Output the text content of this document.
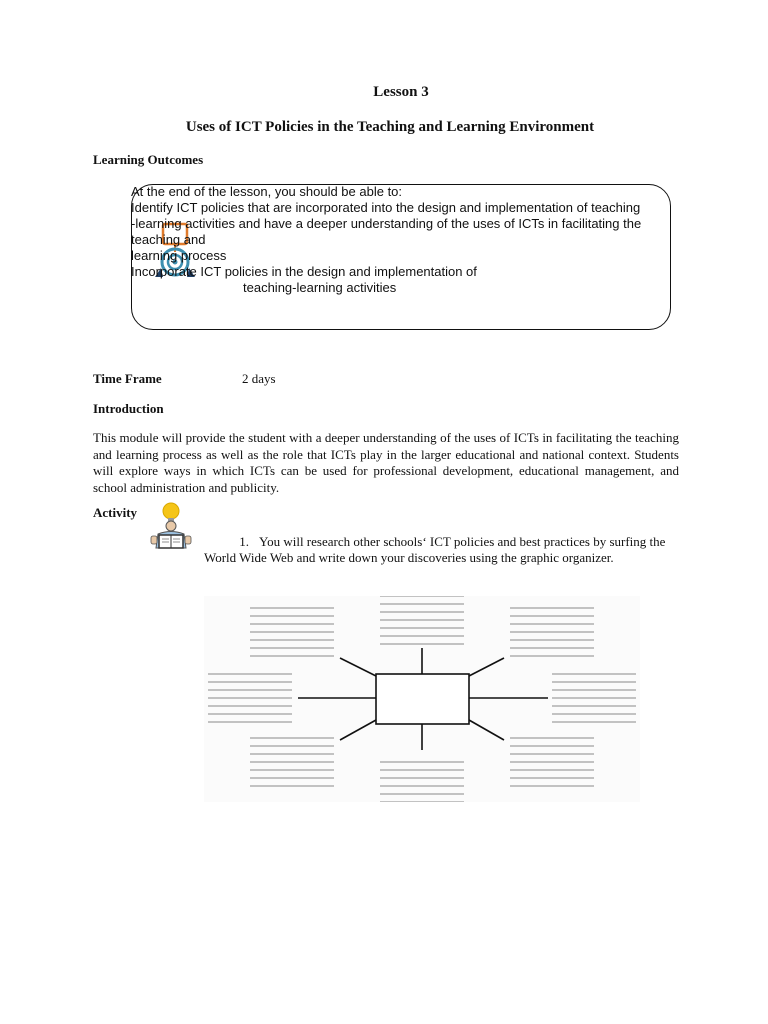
Lesson 3
Uses of ICT Policies in the Teaching and Learning Environment
Learning Outcomes
At the end of the lesson, you should be able to:
Identify ICT policies that are incorporated into the design and implementation of teaching
-learning activities and have a deeper understanding of the uses of ICTs in facilitating the
teaching and
learning process
Incorporate ICT policies in the design and implementation of
teaching-learning activities
Time Frame	2 days
Introduction
This module will provide the student with a deeper understanding of the uses of ICTs in facilitating the teaching and learning process as well as the role that ICTs play in the larger educational and national context. Students will explore ways in which ICTs can be used for professional development, educational management, and school administration and publicity.
Activity
1. You will research other schools‘ ICT policies and best practices by surfing the World Wide Web and write down your discoveries using the graphic organizer.
